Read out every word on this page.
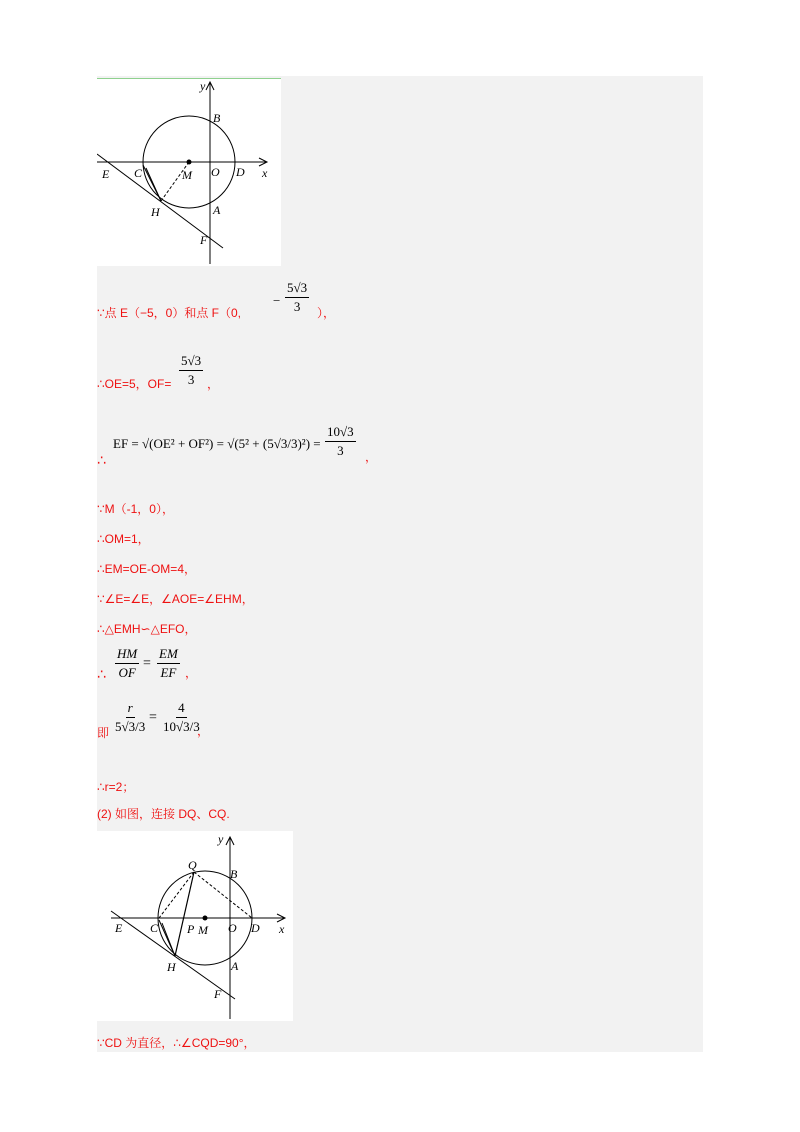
y
x
B
E C	M O D
H	A
F
∵点 E（−5，0）和点 F（0,
− $\frac{5√3}{3}$ ），
∴OE=5，$OF= \frac{5√3}{3}$ ，
∴
EF = $√(OE^2 + OF^2) = √(5^2 + (5√3/3)^2) = \frac{10√3}{3}$ ，
∵M（-1，0），
∴OM=1，
∴EM=OE-OM=4，
∵∠E=∠E，∠AOE=∠EHM，
∴△EMH∽△EFO，
∴ $\frac{HM}{OF} = \frac{EM}{EF}$ ，
即 $\frac{r}{5√3/3} = \frac{4}{10√3/3}$
，
∴r=2；
(2) 如图，连接 DQ、CQ.
y
x
Q
B
E C P M O D
H	A
F
∵CD 为直径，∴∠CQD=90°，
